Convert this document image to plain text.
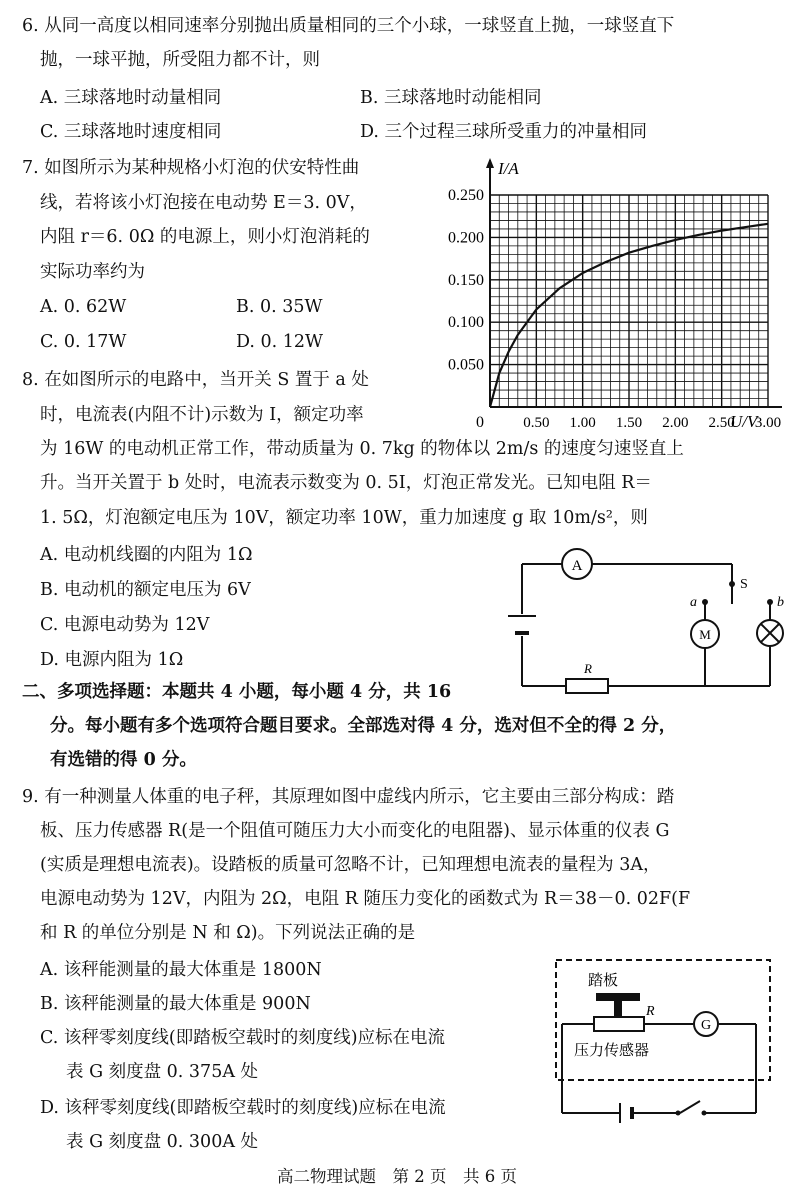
6. 从同一高度以相同速率分别抛出质量相同的三个小球，一球竖直上抛，一球竖直下
抛，一球平抛，所受阻力都不计，则
A. 三球落地时动量相同	B. 三球落地时动能相同
C. 三球落地时速度相同	D. 三个过程三球所受重力的冲量相同
7. 如图所示为某种规格小灯泡的伏安特性曲
线，若将该小灯泡接在电动势 E＝3. 0V，
内阻 r＝6. 0Ω 的电源上，则小灯泡消耗的
实际功率约为
A. 0. 62W	B. 0. 35W
C. 0. 17W	D. 0. 12W
I/A
U/V
0	0.50 1.00 1.50 2.00 2.50 3.00
0.050
0.100
0.150
0.200
0.250
8. 在如图所示的电路中，当开关 S 置于 a 处
时，电流表(内阻不计)示数为 I，额定功率
为 16W 的电动机正常工作，带动质量为 0. 7kg 的物体以 2m/s 的速度匀速竖直上
升。当开关置于 b 处时，电流表示数变为 0. 5I，灯泡正常发光。已知电阻 R＝
1. 5Ω，灯泡额定电压为 10V，额定功率 10W，重力加速度 g 取 10m/s²，则
A. 电动机线圈的内阻为 1Ω
B. 电动机的额定电压为 6V
C. 电源电动势为 12V
D. 电源内阻为 1Ω
A
S
a	b
M
R
二、多项选择题：本题共 4 小题，每小题 4 分，共 16
分。每小题有多个选项符合题目要求。全部选对得 4 分，选对但不全的得 2 分，
有选错的得 0 分。
9. 有一种测量人体重的电子秤，其原理如图中虚线内所示，它主要由三部分构成：踏
板、压力传感器 R(是一个阻值可随压力大小而变化的电阻器)、显示体重的仪表 G
(实质是理想电流表)。设踏板的质量可忽略不计，已知理想电流表的量程为 3A，
电源电动势为 12V，内阻为 2Ω，电阻 R 随压力变化的函数式为 R＝38－0. 02F(F
和 R 的单位分别是 N 和 Ω)。下列说法正确的是
A. 该秤能测量的最大体重是 1800N
B. 该秤能测量的最大体重是 900N
C. 该秤零刻度线(即踏板空载时的刻度线)应标在电流
表 G 刻度盘 0. 375A 处
D. 该秤零刻度线(即踏板空载时的刻度线)应标在电流
表 G 刻度盘 0. 300A 处
踏板
R
G
压力传感器
高二物理试题　第 2 页　共 6 页
